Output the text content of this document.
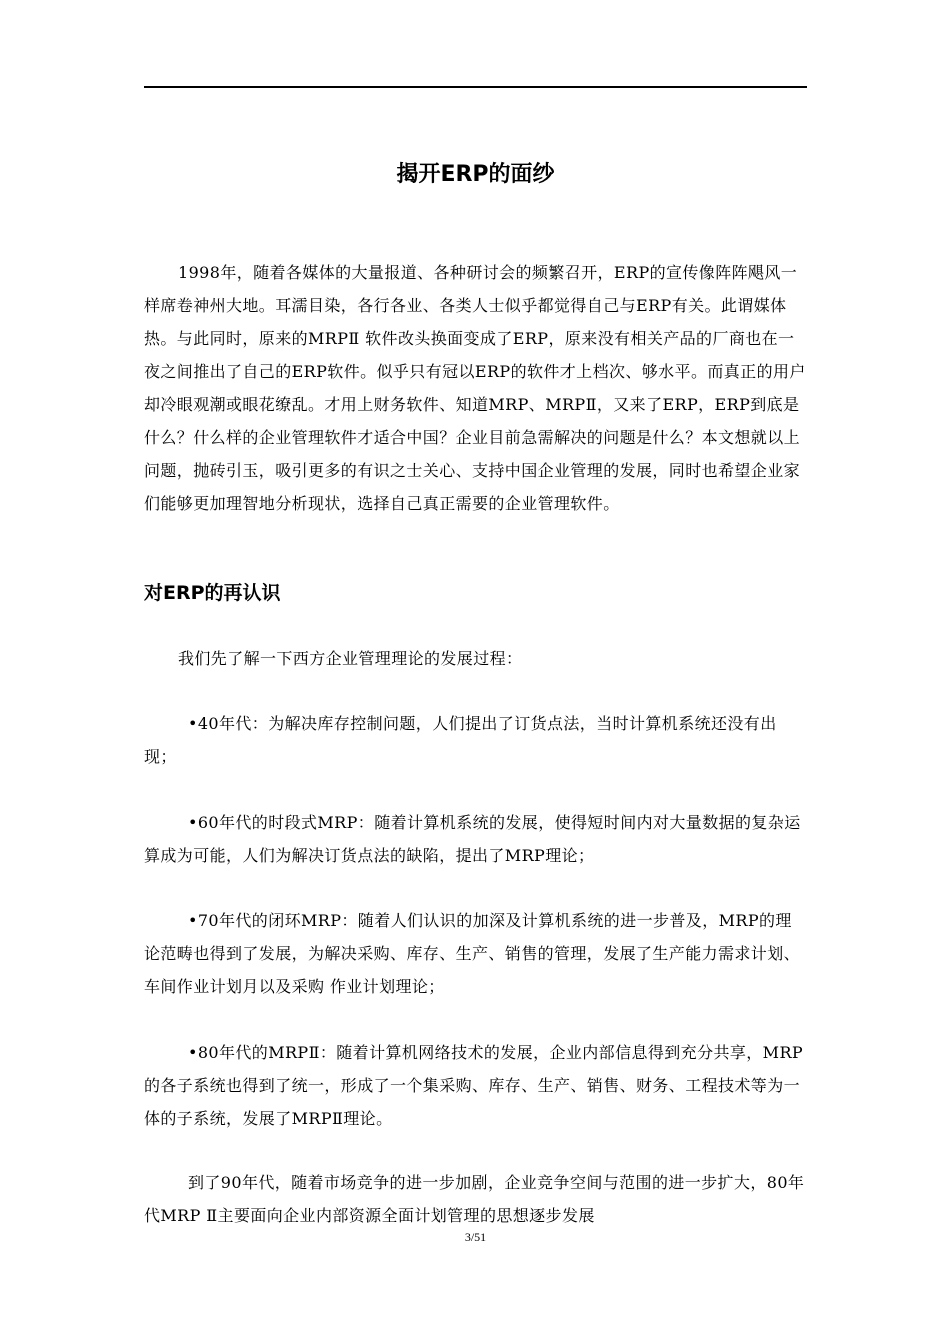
揭开ERP的面纱

1998年，随着各媒体的大量报道、各种研讨会的频繁召开，ERP的宣传像阵阵飓风一样席卷神州大地。耳濡目染，各行各业、各类人士似乎都觉得自己与ERP有关。此谓媒体热。与此同时，原来的MRPⅡ 软件改头换面变成了ERP，原来没有相关产品的厂商也在一夜之间推出了自己的ERP软件。似乎只有冠以ERP的软件才上档次、够水平。而真正的用户却冷眼观潮或眼花缭乱。才用上财务软件、知道MRP、MRPⅡ，又来了ERP，ERP到底是什么？什么样的企业管理软件才适合中国？企业目前急需解决的问题是什么？本文想就以上问题，抛砖引玉，吸引更多的有识之士关心、支持中国企业管理的发展，同时也希望企业家们能够更加理智地分析现状，选择自己真正需要的企业管理软件。

对ERP的再认识

我们先了解一下西方企业管理理论的发展过程：

•40年代：为解决库存控制问题，人们提出了订货点法，当时计算机系统还没有出现；

•60年代的时段式MRP：随着计算机系统的发展，使得短时间内对大量数据的复杂运算成为可能，人们为解决订货点法的缺陷，提出了MRP理论；

•70年代的闭环MRP：随着人们认识的加深及计算机系统的进一步普及，MRP的理论范畴也得到了发展，为解决采购、库存、生产、销售的管理，发展了生产能力需求计划、车间作业计划月以及采购 作业计划理论；

•80年代的MRPⅡ：随着计算机网络技术的发展，企业内部信息得到充分共享，MRP的各子系统也得到了统一，形成了一个集采购、库存、生产、销售、财务、工程技术等为一体的子系统，发展了MRPⅡ理论。

到了90年代，随着市场竞争的进一步加剧，企业竞争空间与范围的进一步扩大，80年代MRP Ⅱ主要面向企业内部资源全面计划管理的思想逐步发展

3/51
